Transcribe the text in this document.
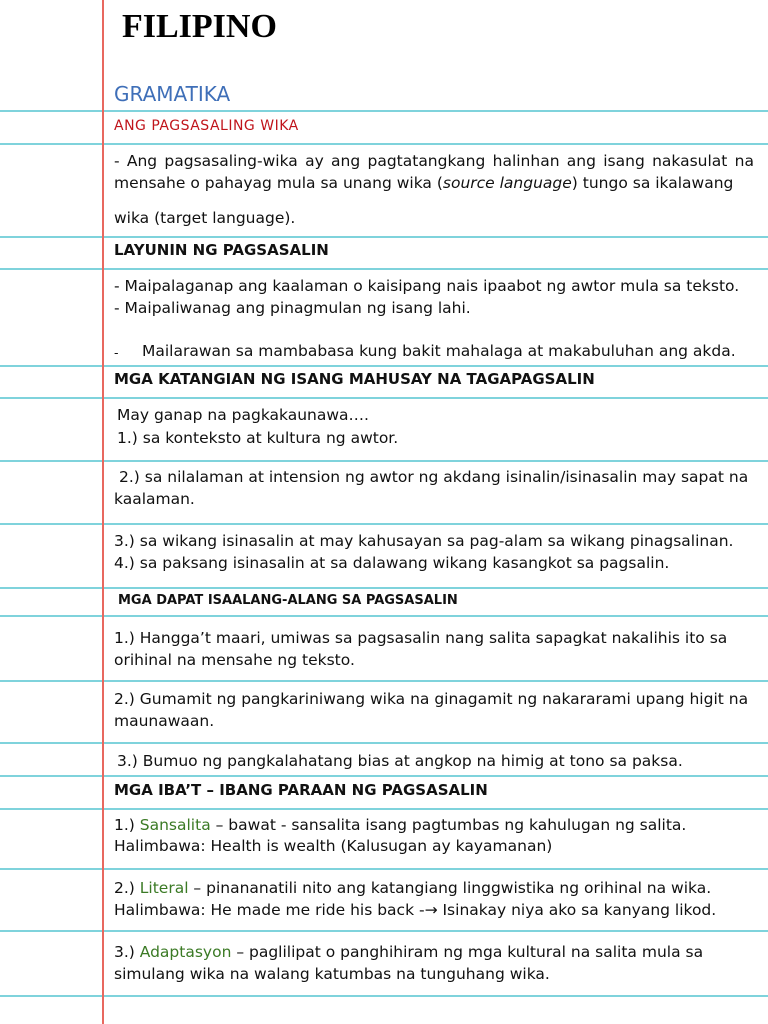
FILIPINO
GRAMATIKA
ANG PAGSASALING WIKA
- Ang pagsasaling-wika ay ang pagtatangkang halinhan ang isang nakasulat na mensahe o pahayag mula sa unang wika (source language) tungo sa ikalawang
wika (target language).
LAYUNIN NG PAGSASALIN
- Maipalaganap ang kaalaman o kaisipang nais ipaabot ng awtor mula sa teksto.
- Maipaliwanag ang pinagmulan ng isang lahi.
- Mailarawan sa mambabasa kung bakit mahalaga at makabuluhan ang akda.
MGA KATANGIAN NG ISANG MAHUSAY NA TAGAPAGSALIN
May ganap na pagkakaunawa….
1.) sa konteksto at kultura ng awtor.
2.) sa nilalaman at intension ng awtor ng akdang isinalin/isinasalin may sapat na
kaalaman.
3.) sa wikang isinasalin at may kahusayan sa pag-alam sa wikang pinagsalinan.
4.) sa paksang isinasalin at sa dalawang wikang kasangkot sa pagsalin.
MGA DAPAT ISAALANG-ALANG SA PAGSASALIN
1.) Hangga’t maari, umiwas sa pagsasalin nang salita sapagkat nakalihis ito sa
orihinal na mensahe ng teksto.
2.) Gumamit ng pangkariniwang wika na ginagamit ng nakararami upang higit na
maunawaan.
3.) Bumuo ng pangkalahatang bias at angkop na himig at tono sa paksa.
MGA IBA’T – IBANG PARAAN NG PAGSASALIN
1.) Sansalita – bawat - sansalita isang pagtumbas ng kahulugan ng salita.
Halimbawa: Health is wealth (Kalusugan ay kayamanan)
2.) Literal – pinananatili nito ang katangiang linggwistika ng orihinal na wika.
Halimbawa: He made me ride his back -→ Isinakay niya ako sa kanyang likod.
3.) Adaptasyon – paglilipat o panghihiram ng mga kultural na salita mula sa
simulang wika na walang katumbas na tunguhang wika.
